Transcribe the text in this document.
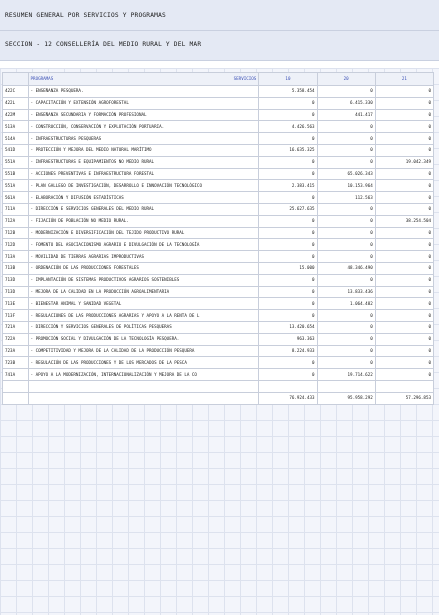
RESUMEN GENERAL POR SERVICIOS Y PROGRAMAS
SECCION - 12 CONSELLERÍA DEL MEDIO RURAL Y DEL MAR

	PROGRAMAS SERVICIOS	10	20	21
422C	- ENSEÑANZA PESQUERA.	5.358.454	0	0
422L	- CAPACITACIÓN Y EXTENSIÓN AGROFORESTAL	0	6.415.330	0
422M	- ENSEÑANZA SECUNDARIA Y FORMACIÓN PROFESIONAL	0	441.417	0
513A	- CONSTRUCCIÓN, CONSERVACIÓN Y EXPLOTACIÓN PORTUARIA.	4.426.563	0	0
514A	- INFRAESTRUCTURAS PESQUERAS	0	0	0
541D	- PROTECCIÓN Y MEJORA DEL MEDIO NATURAL MARÍTIMO	16.635.325	0	0
551A	- INFRAESTRUCTURAS E EQUIPAMIENTOS NO MEDIO RURAL	0	0	19.042.349
551B	- ACCIONES PREVENTIVAS E INFRAESTRUCTURA FORESTAL	0	65.026.343	0
551A	- PLAN GALLEGO DE INVESTIGACIÓN, DESARROLLO E INNOVACIÓN TECNOLÓGICO	2.383.415	10.153.964	0
561A	- ELABORACIÓN Y DIFUSIÓN ESTADÍSTICAS	0	112.563	0
711A	- DIRECCIÓN E SERVICIOS GENERALES DEL MEDIO RURAL	25.627.635	0	0
712A	- FIJACIÓN DE POBLACIÓN NO MEDIO RURAL.	0	0	38.254.504
712B	- MODERNIZACIÓN E DIVERSIFICACIÓN DEL TEJIDO PRODUCTIVO RURAL	0	0	0
712D	- FOMENTO DEL ASOCIACIONISMO AGRARIO E DIVULGACIÓN DE LA TECNOLOGÍA	0	0	0
713A	- MOVILIDAD DE TIERRAS AGRARIAS IMPRODUCTIVAS	0	0	0
713B	- ORDENACIÓN DE LAS PRODUCCIONES FORESTALES	15.000	48.346.490	0
713D	- IMPLANTACIÓN DE SISTEMAS PRODUCTIVOS AGRARIOS SOSTENIBLES	0	0	0
713D	- MEJORA DE LA CALIDAD EN LA PRODUCCIÓN AGROALIMENTARIA	0	13.833.436	0
713E	- BIENESTAR ANIMAL Y SANIDAD VEGETAL	0	1.064.482	0
713F	- REGULACIONES DE LAS PRODUCCIONES AGRARIAS Y APOYO A LA RENTA DE L	0	0	0
721A	- DIRECCIÓN Y SERVICIOS GENERALES DE POLÍTICAS PESQUERAS	13.420.654	0	0
722A	- PROMOCIÓN SOCIAL Y DIVULGACIÓN DE LA TECNOLOGÍA PESQUERA.	963.363	0	0
723A	- COMPETITIVIDAD Y MEJORA DE LA CALIDAD DE LA PRODUCCIÓN PESQUERA	8.224.933	0	0
723B	- REGULACIÓN DE LAS PRODUCCIONES Y DE LOS MERCADOS DE LA PESCA	0	0	0
741A	- APOYO A LA MODERNIZACIÓN, INTERNACIONALIZACIÓN Y MEJORA DE LA CO	0	19.714.622	0

		76.924.433	95.958.292	57.296.853
